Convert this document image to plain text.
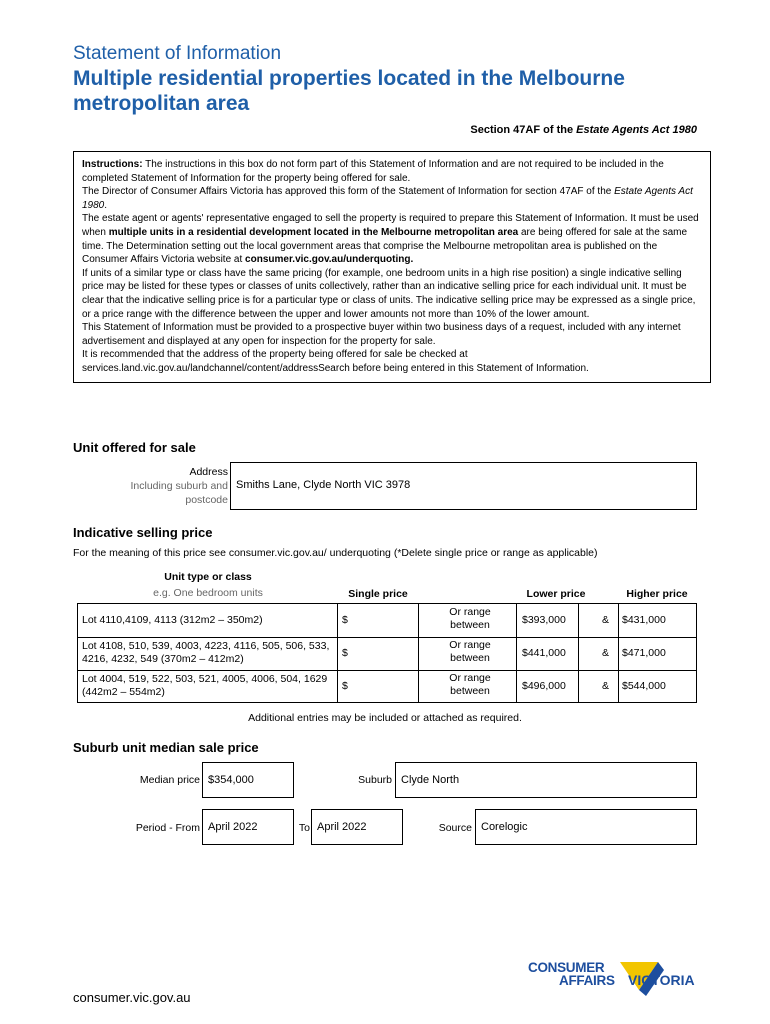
Statement of Information
Multiple residential properties located in the Melbourne metropolitan area
Section 47AF of the Estate Agents Act 1980

Instructions: The instructions in this box do not form part of this Statement of Information and are not required to be included in the completed Statement of Information for the property being offered for sale.

The Director of Consumer Affairs Victoria has approved this form of the Statement of Information for section 47AF of the Estate Agents Act 1980.

The estate agent or agents' representative engaged to sell the property is required to prepare this Statement of Information. It must be used when multiple units in a residential development located in the Melbourne metropolitan area are being offered for sale at the same time. The Determination setting out the local government areas that comprise the Melbourne metropolitan area is published on the Consumer Affairs Victoria website at consumer.vic.gov.au/underquoting.

If units of a similar type or class have the same pricing (for example, one bedroom units in a high rise position) a single indicative selling price may be listed for these types or classes of units collectively, rather than an indicative selling price for each individual unit. It must be clear that the indicative selling price is for a particular type or class of units. The indicative selling price may be expressed as a single price, or a price range with the difference between the upper and lower amounts not more than 10% of the lower amount.

This Statement of Information must be provided to a prospective buyer within two business days of a request, included with any internet advertisement and displayed at any open for inspection for the property for sale.

It is recommended that the address of the property being offered for sale be checked at services.land.vic.gov.au/landchannel/content/addressSearch before being entered in this Statement of Information.

Unit offered for sale
Address
Including suburb and
postcode
Smiths Lane, Clyde North VIC 3978
Indicative selling price
For the meaning of this price see consumer.vic.gov.au/ underquoting (*Delete single price or range as applicable)
Unit type or class
e.g. One bedroom units	Single price	Lower price	Higher price
Lot 4110,4109, 4113 (312m2 – 350m2)	$
Or range
between	$393,000	& $431,000
Lot 4108, 510, 539, 4003, 4223, 4116, 505, 506, 533, 4216, 4232, 549 (370m2 – 412m2)	$
Or range
between	$441,000	& $471,000
Lot 4004, 519, 522, 503, 521, 4005, 4006, 504, 1629 (442m2 – 554m2)	$
Or range
between	$496,000	& $544,000
Additional entries may be included or attached as required.
Suburb unit median sale price
Median price $354,000	Suburb Clyde North
Period - From April 2022	To April 2022	Source Corelogic
CONSUMER
AFFAIRS VICTORIA
consumer.vic.gov.au
